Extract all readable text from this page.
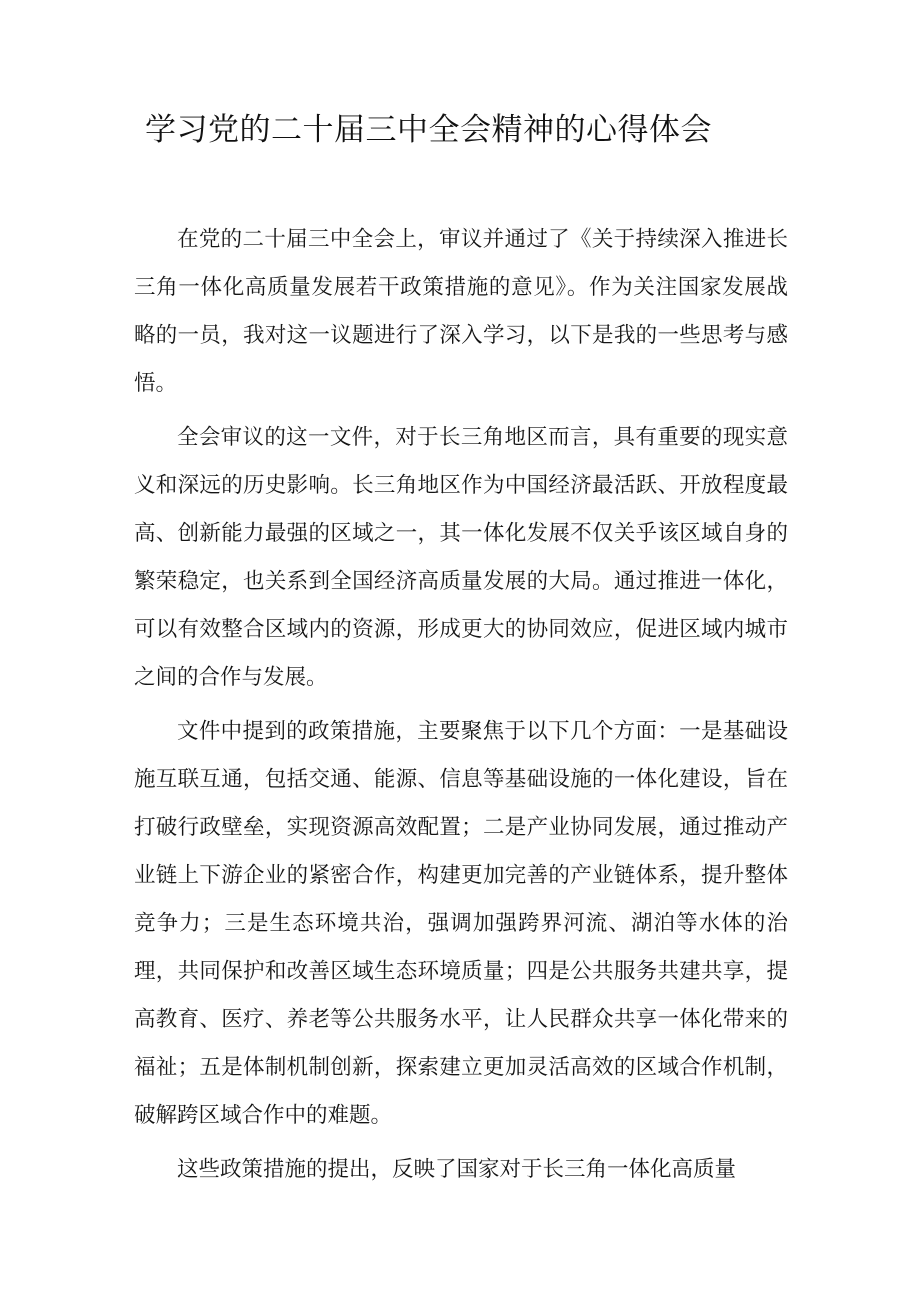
学习党的二十届三中全会精神的心得体会

在党的二十届三中全会上，审议并通过了《关于持续深入推进长三角一体化高质量发展若干政策措施的意见》。作为关注国家发展战略的一员，我对这一议题进行了深入学习，以下是我的一些思考与感悟。

全会审议的这一文件，对于长三角地区而言，具有重要的现实意义和深远的历史影响。长三角地区作为中国经济最活跃、开放程度最高、创新能力最强的区域之一，其一体化发展不仅关乎该区域自身的繁荣稳定，也关系到全国经济高质量发展的大局。通过推进一体化，可以有效整合区域内的资源，形成更大的协同效应，促进区域内城市之间的合作与发展。

文件中提到的政策措施，主要聚焦于以下几个方面：一是基础设施互联互通，包括交通、能源、信息等基础设施的一体化建设，旨在打破行政壁垒，实现资源高效配置；二是产业协同发展，通过推动产业链上下游企业的紧密合作，构建更加完善的产业链体系，提升整体竞争力；三是生态环境共治，强调加强跨界河流、湖泊等水体的治理，共同保护和改善区域生态环境质量；四是公共服务共建共享，提高教育、医疗、养老等公共服务水平，让人民群众共享一体化带来的福祉；五是体制机制创新，探索建立更加灵活高效的区域合作机制，破解跨区域合作中的难题。

这些政策措施的提出，反映了国家对于长三角一体化高质量
